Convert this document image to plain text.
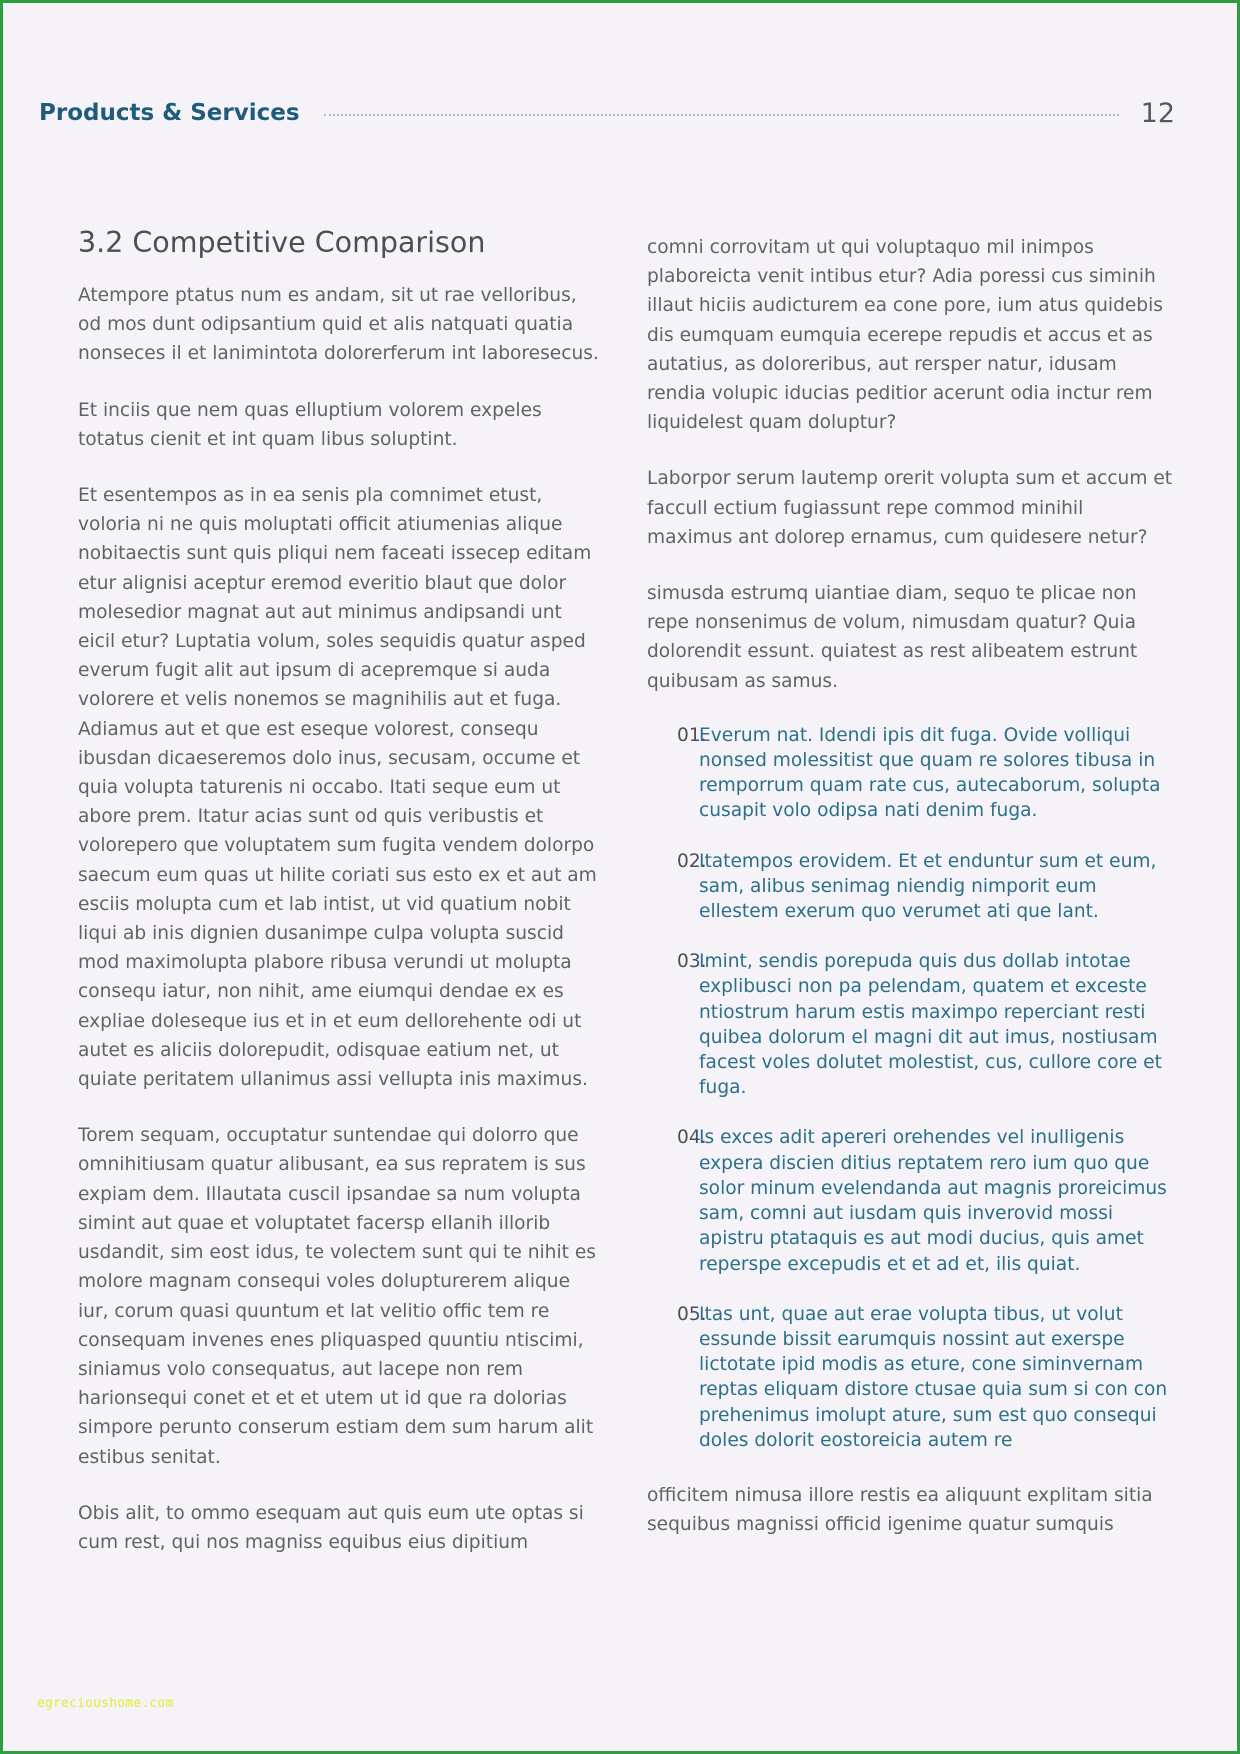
Products & Services	12
3.2 Competitive Comparison

Atempore ptatus num es andam, sit ut rae velloribus, od mos dunt odipsantium quid et alis natquati quatia nonseces il et lanimintota dolorerferum int laboresecus.

Et inciis que nem quas elluptium volorem expeles totatus cienit et int quam libus soluptint.

Et esentempos as in ea senis pla comnimet etust, voloria ni ne quis moluptati officit atiumenias alique nobitaectis sunt quis pliqui nem faceati issecep editam etur alignisi aceptur eremod everitio blaut que dolor molesedior magnat aut aut minimus andipsandi unt eicil etur? Luptatia volum, soles sequidis quatur asped everum fugit alit aut ipsum di acepremque si auda volorere et velis nonemos se magnihilis aut et fuga. Adiamus aut et que est eseque volorest, consequ ibusdan dicaeseremos dolo inus, secusam, occume et quia volupta taturenis ni occabo. Itati seque eum ut abore prem. Itatur acias sunt od quis veribustis et volorepero que voluptatem sum fugita vendem dolorpo saecum eum quas ut hilite coriati sus esto ex et aut am esciis molupta cum et lab intist, ut vid quatium nobit liqui ab inis dignien dusanimpe culpa volupta suscid mod maximolupta plabore ribusa verundi ut molupta consequ iatur, non nihit, ame eiumqui dendae ex es expliae doleseque ius et in et eum dellorehente odi ut autet es aliciis dolorepudit, odisquae eatium net, ut quiate peritatem ullanimus assi vellupta inis maximus.

Torem sequam, occuptatur suntendae qui dolorro que omnihitiusam quatur alibusant, ea sus repratem is sus expiam dem. Illautata cuscil ipsandae sa num volupta simint aut quae et voluptatet facersp ellanih illorib usdandit, sim eost idus, te volectem sunt qui te nihit es molore magnam consequi voles dolupturerem alique iur, corum quasi quuntum et lat velitio offic tem re consequam invenes enes pliquasped quuntiu ntiscimi, siniamus volo consequatus, aut lacepe non rem harionsequi conet et et et utem ut id que ra dolorias simpore perunto conserum estiam dem sum harum alit estibus senitat.

Obis alit, to ommo esequam aut quis eum ute optas si cum rest, qui nos magniss equibus eius dipitium

comni corrovitam ut qui voluptaquo mil inimpos plaboreicta venit intibus etur? Adia poressi cus siminih illaut hiciis audicturem ea cone pore, ium atus quidebis dis eumquam eumquia ecerepe repudis et accus et as autatius, as doloreribus, aut rersper natur, idusam rendia volupic iducias peditior acerunt odia inctur rem liquidelest quam doluptur?

Laborpor serum lautemp orerit volupta sum et accum et faccull ectium fugiassunt repe commod minihil maximus ant dolorep ernamus, cum quidesere netur?

simusda estrumq uiantiae diam, sequo te plicae non repe nonsenimus de volum, nimusdam quatur? Quia dolorendit essunt. quiatest as rest alibeatem estrunt quibusam as samus.

01.
Everum nat. Idendi ipis dit fuga. Ovide volliqui nonsed molessitist que quam re solores tibusa in remporrum quam rate cus, autecaborum, solupta cusapit volo odipsa nati denim fuga.
02.
Itatempos erovidem. Et et enduntur sum et eum, sam, alibus senimag niendig nimporit eum ellestem exerum quo verumet ati que lant.
03.
Imint, sendis porepuda quis dus dollab intotae explibusci non pa pelendam, quatem et exceste ntiostrum harum estis maximpo reperciant resti quibea dolorum el magni dit aut imus, nostiusam facest voles dolutet molestist, cus, cullore core et fuga.
04.
Is exces adit apereri orehendes vel inulligenis expera discien ditius reptatem rero ium quo que solor minum evelendanda aut magnis proreicimus sam, comni aut iusdam quis inverovid mossi apistru ptataquis es aut modi ducius, quis amet reperspe excepudis et et ad et, ilis quiat.
05.
Itas unt, quae aut erae volupta tibus, ut volut essunde bissit earumquis nossint aut exerspe lictotate ipid modis as eture, cone siminvernam reptas eliquam distore ctusae quia sum si con con prehenimus imolupt ature, sum est quo consequi doles dolorit eostoreicia autem re

officitem nimusa illore restis ea aliquunt explitam sitia sequibus magnissi officid igenime quatur sumquis

egrecioushome.com
